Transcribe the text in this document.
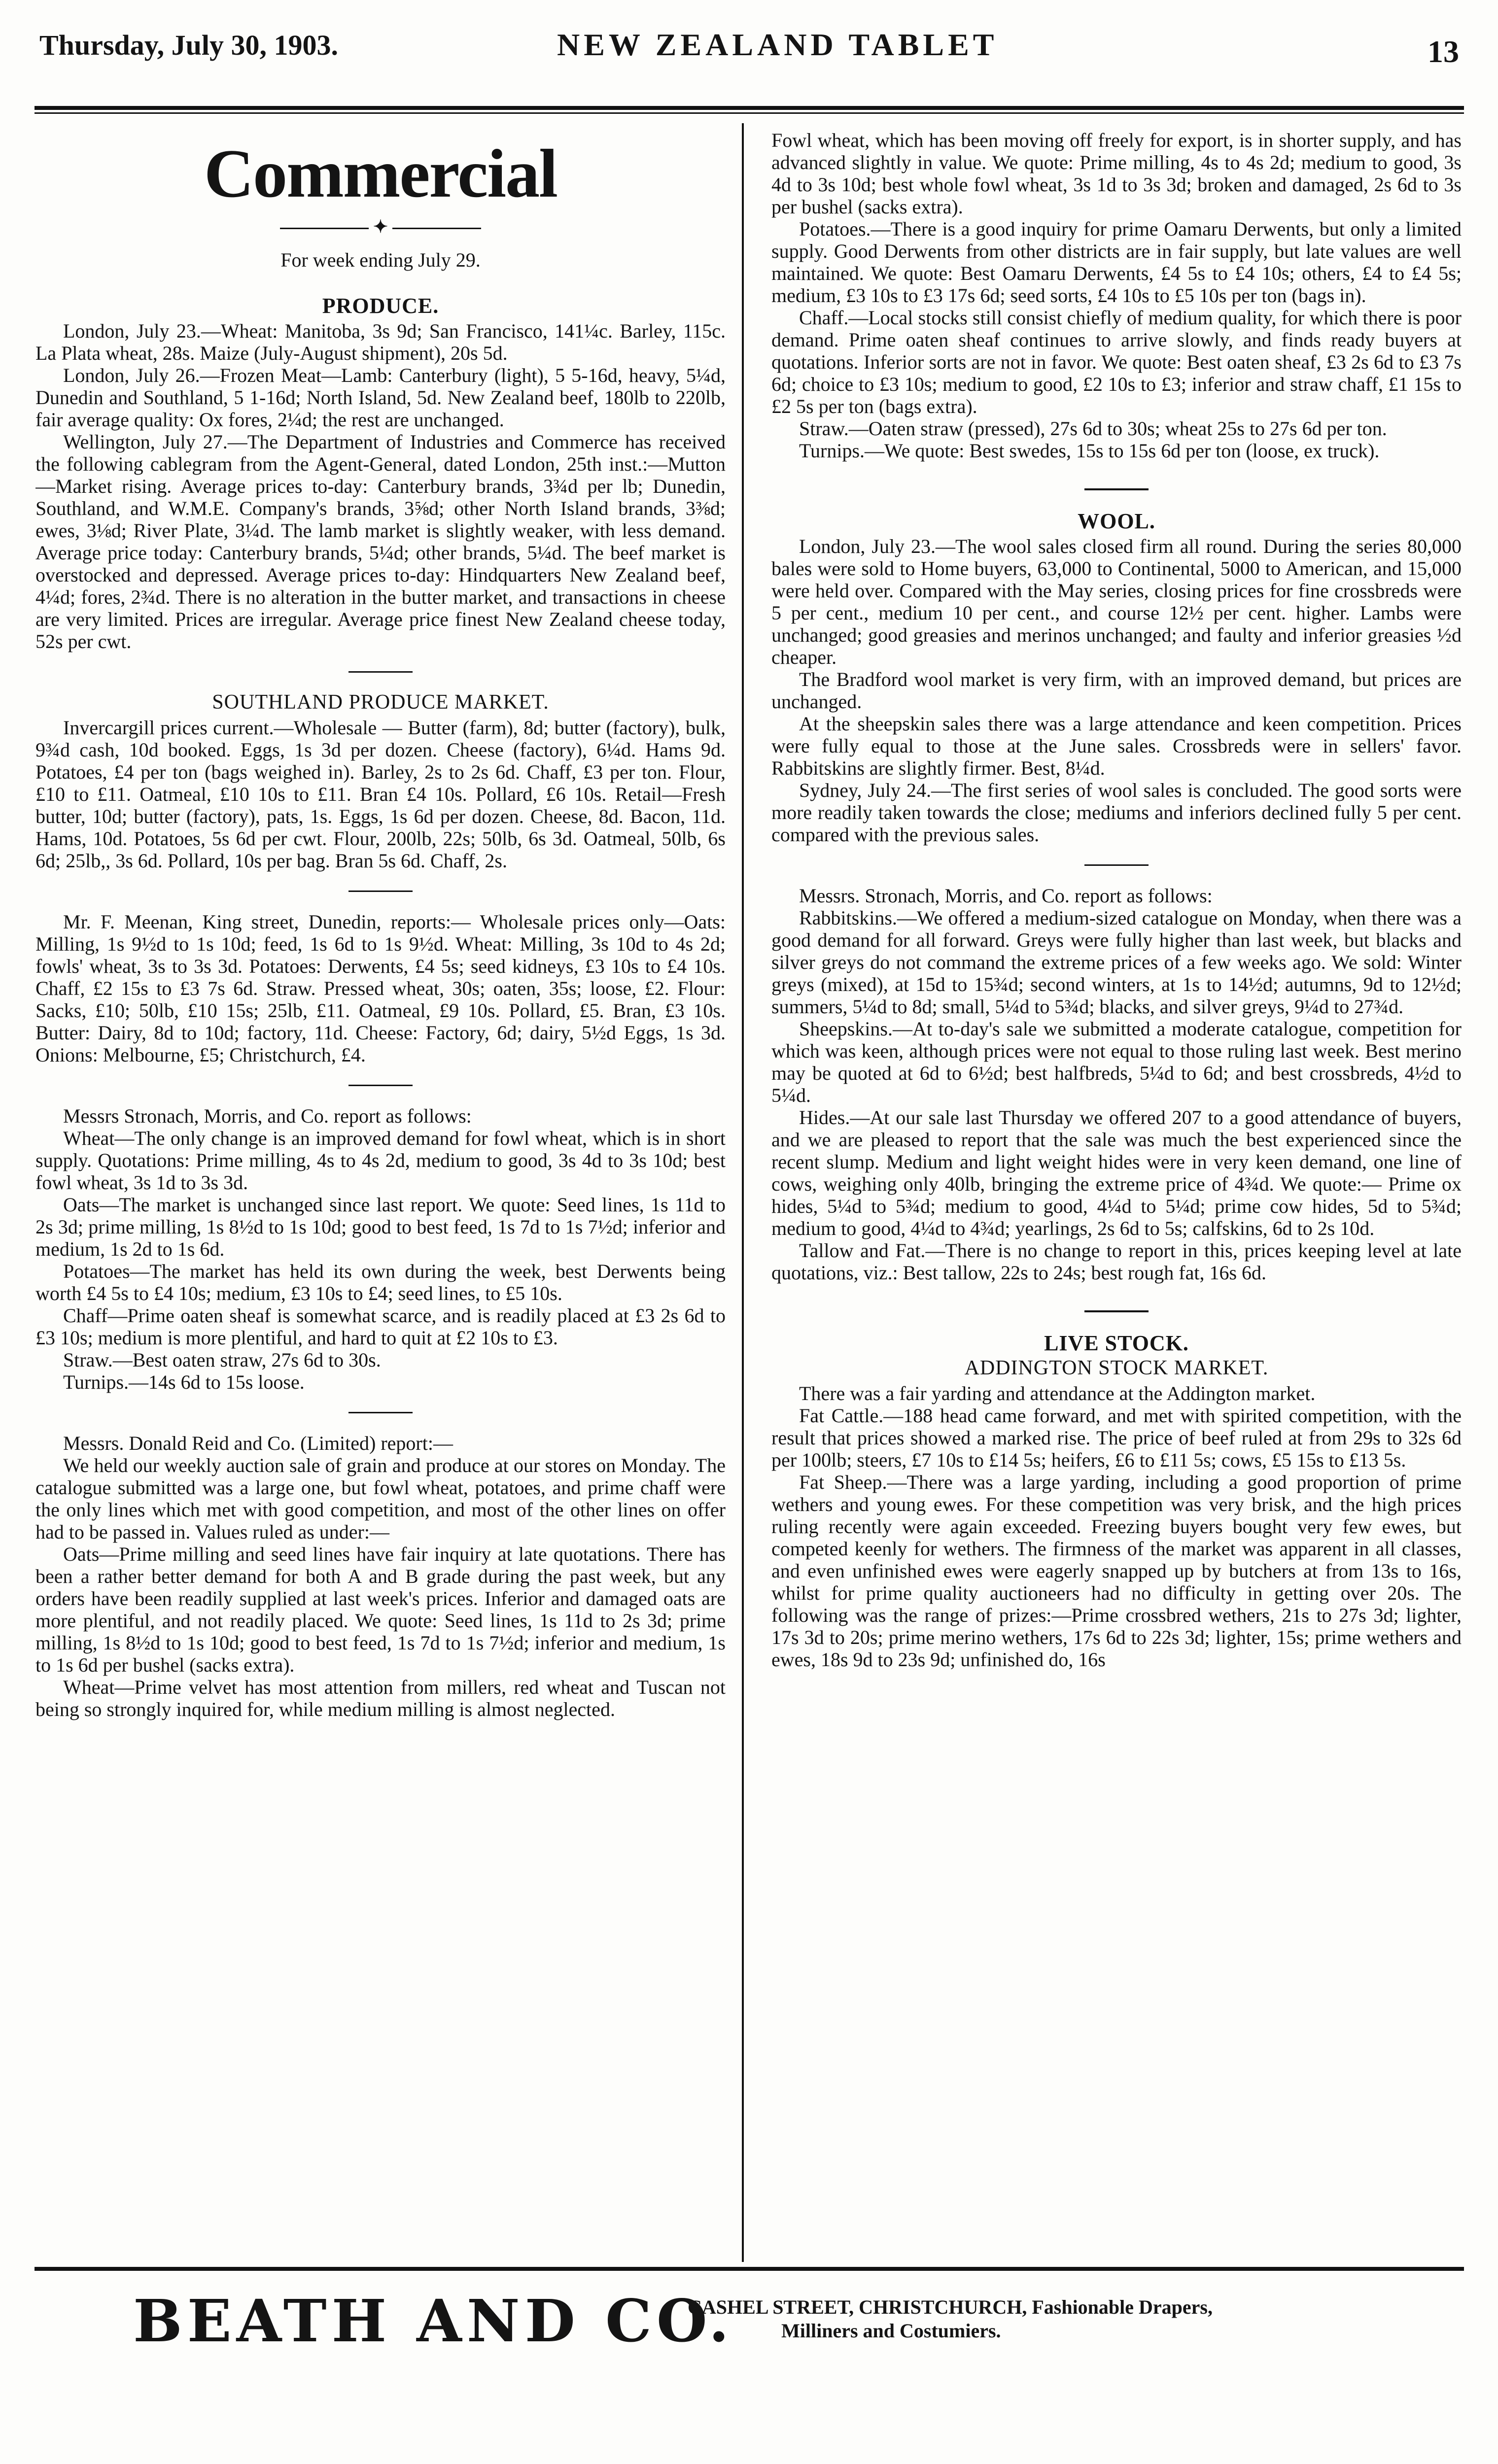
Thursday, July 30, 1903.	NEW ZEALAND TABLET	13
Commercial
✦
For week ending July 29.
PRODUCE.

London, July 23.—Wheat: Manitoba, 3s 9d; San Francisco, 141¼c. Barley, 115c. La Plata wheat, 28s. Maize (July-August shipment), 20s 5d.

London, July 26.—Frozen Meat—Lamb: Canterbury (light), 5 5-16d, heavy, 5¼d, Dunedin and Southland, 5 1-16d; North Island, 5d. New Zealand beef, 180lb to 220lb, fair average quality: Ox fores, 2¼d; the rest are unchanged.

Wellington, July 27.—The Department of Industries and Commerce has received the following cablegram from the Agent-General, dated London, 25th inst.:—Mutton—Market rising. Average prices to-day: Canterbury brands, 3¾d per lb; Dunedin, Southland, and W.M.E. Company's brands, 3⅝d; other North Island brands, 3⅜d; ewes, 3⅛d; River Plate, 3¼d. The lamb market is slightly weaker, with less demand. Average price today: Canterbury brands, 5¼d; other brands, 5¼d. The beef market is overstocked and depressed. Average prices to-day: Hindquarters New Zealand beef, 4¼d; fores, 2¾d. There is no alteration in the butter market, and transactions in cheese are very limited. Prices are irregular. Average price finest New Zealand cheese today, 52s per cwt.

SOUTHLAND PRODUCE MARKET.

Invercargill prices current.—Wholesale — Butter (farm), 8d; butter (factory), bulk, 9¾d cash, 10d booked. Eggs, 1s 3d per dozen. Cheese (factory), 6¼d. Hams 9d. Potatoes, £4 per ton (bags weighed in). Barley, 2s to 2s 6d. Chaff, £3 per ton. Flour, £10 to £11. Oatmeal, £10 10s to £11. Bran £4 10s. Pollard, £6 10s. Retail—Fresh butter, 10d; butter (factory), pats, 1s. Eggs, 1s 6d per dozen. Cheese, 8d. Bacon, 11d. Hams, 10d. Potatoes, 5s 6d per cwt. Flour, 200lb, 22s; 50lb, 6s 3d. Oatmeal, 50lb, 6s 6d; 25lb,, 3s 6d. Pollard, 10s per bag. Bran 5s 6d. Chaff, 2s.

Mr. F. Meenan, King street, Dunedin, reports:— Wholesale prices only—Oats: Milling, 1s 9½d to 1s 10d; feed, 1s 6d to 1s 9½d. Wheat: Milling, 3s 10d to 4s 2d; fowls' wheat, 3s to 3s 3d. Potatoes: Derwents, £4 5s; seed kidneys, £3 10s to £4 10s. Chaff, £2 15s to £3 7s 6d. Straw. Pressed wheat, 30s; oaten, 35s; loose, £2. Flour: Sacks, £10; 50lb, £10 15s; 25lb, £11. Oatmeal, £9 10s. Pollard, £5. Bran, £3 10s. Butter: Dairy, 8d to 10d; factory, 11d. Cheese: Factory, 6d; dairy, 5½d Eggs, 1s 3d. Onions: Melbourne, £5; Christchurch, £4.

Messrs Stronach, Morris, and Co. report as follows:

Wheat—The only change is an improved demand for fowl wheat, which is in short supply. Quotations: Prime milling, 4s to 4s 2d, medium to good, 3s 4d to 3s 10d; best fowl wheat, 3s 1d to 3s 3d.

Oats—The market is unchanged since last report. We quote: Seed lines, 1s 11d to 2s 3d; prime milling, 1s 8½d to 1s 10d; good to best feed, 1s 7d to 1s 7½d; inferior and medium, 1s 2d to 1s 6d.

Potatoes—The market has held its own during the week, best Derwents being worth £4 5s to £4 10s; medium, £3 10s to £4; seed lines, to £5 10s.

Chaff—Prime oaten sheaf is somewhat scarce, and is readily placed at £3 2s 6d to £3 10s; medium is more plentiful, and hard to quit at £2 10s to £3.

Straw.—Best oaten straw, 27s 6d to 30s.

Turnips.—14s 6d to 15s loose.

Messrs. Donald Reid and Co. (Limited) report:—

We held our weekly auction sale of grain and produce at our stores on Monday. The catalogue submitted was a large one, but fowl wheat, potatoes, and prime chaff were the only lines which met with good competition, and most of the other lines on offer had to be passed in. Values ruled as under:—

Oats—Prime milling and seed lines have fair inquiry at late quotations. There has been a rather better demand for both A and B grade during the past week, but any orders have been readily supplied at last week's prices. Inferior and damaged oats are more plentiful, and not readily placed. We quote: Seed lines, 1s 11d to 2s 3d; prime milling, 1s 8½d to 1s 10d; good to best feed, 1s 7d to 1s 7½d; inferior and medium, 1s to 1s 6d per bushel (sacks extra).

Wheat—Prime velvet has most attention from millers, red wheat and Tuscan not being so strongly inquired for, while medium milling is almost neglected.

Fowl wheat, which has been moving off freely for export, is in shorter supply, and has advanced slightly in value. We quote: Prime milling, 4s to 4s 2d; medium to good, 3s 4d to 3s 10d; best whole fowl wheat, 3s 1d to 3s 3d; broken and damaged, 2s 6d to 3s per bushel (sacks extra).

Potatoes.—There is a good inquiry for prime Oamaru Derwents, but only a limited supply. Good Derwents from other districts are in fair supply, but late values are well maintained. We quote: Best Oamaru Derwents, £4 5s to £4 10s; others, £4 to £4 5s; medium, £3 10s to £3 17s 6d; seed sorts, £4 10s to £5 10s per ton (bags in).

Chaff.—Local stocks still consist chiefly of medium quality, for which there is poor demand. Prime oaten sheaf continues to arrive slowly, and finds ready buyers at quotations. Inferior sorts are not in favor. We quote: Best oaten sheaf, £3 2s 6d to £3 7s 6d; choice to £3 10s; medium to good, £2 10s to £3; inferior and straw chaff, £1 15s to £2 5s per ton (bags extra).

Straw.—Oaten straw (pressed), 27s 6d to 30s; wheat 25s to 27s 6d per ton.

Turnips.—We quote: Best swedes, 15s to 15s 6d per ton (loose, ex truck).

WOOL.

London, July 23.—The wool sales closed firm all round. During the series 80,000 bales were sold to Home buyers, 63,000 to Continental, 5000 to American, and 15,000 were held over. Compared with the May series, closing prices for fine crossbreds were 5 per cent., medium 10 per cent., and course 12½ per cent. higher. Lambs were unchanged; good greasies and merinos unchanged; and faulty and inferior greasies ½d cheaper.

The Bradford wool market is very firm, with an improved demand, but prices are unchanged.

At the sheepskin sales there was a large attendance and keen competition. Prices were fully equal to those at the June sales. Crossbreds were in sellers' favor. Rabbitskins are slightly firmer. Best, 8¼d.

Sydney, July 24.—The first series of wool sales is concluded. The good sorts were more readily taken towards the close; mediums and inferiors declined fully 5 per cent. compared with the previous sales.

Messrs. Stronach, Morris, and Co. report as follows:

Rabbitskins.—We offered a medium-sized catalogue on Monday, when there was a good demand for all forward. Greys were fully higher than last week, but blacks and silver greys do not command the extreme prices of a few weeks ago. We sold: Winter greys (mixed), at 15d to 15¾d; second winters, at 1s to 14½d; autumns, 9d to 12½d; summers, 5¼d to 8d; small, 5¼d to 5¾d; blacks, and silver greys, 9¼d to 27¾d.

Sheepskins.—At to-day's sale we submitted a moderate catalogue, competition for which was keen, although prices were not equal to those ruling last week. Best merino may be quoted at 6d to 6½d; best halfbreds, 5¼d to 6d; and best crossbreds, 4½d to 5¼d.

Hides.—At our sale last Thursday we offered 207 to a good attendance of buyers, and we are pleased to report that the sale was much the best experienced since the recent slump. Medium and light weight hides were in very keen demand, one line of cows, weighing only 40lb, bringing the extreme price of 4¾d. We quote:— Prime ox hides, 5¼d to 5¾d; medium to good, 4¼d to 5¼d; prime cow hides, 5d to 5¾d; medium to good, 4¼d to 4¾d; yearlings, 2s 6d to 5s; calfskins, 6d to 2s 10d.

Tallow and Fat.—There is no change to report in this, prices keeping level at late quotations, viz.: Best tallow, 22s to 24s; best rough fat, 16s 6d.

LIVE STOCK.
ADDINGTON STOCK MARKET.

There was a fair yarding and attendance at the Addington market.

Fat Cattle.—188 head came forward, and met with spirited competition, with the result that prices showed a marked rise. The price of beef ruled at from 29s to 32s 6d per 100lb; steers, £7 10s to £14 5s; heifers, £6 to £11 5s; cows, £5 15s to £13 5s.

Fat Sheep.—There was a large yarding, including a good proportion of prime wethers and young ewes. For these competition was very brisk, and the high prices ruling recently were again exceeded. Freezing buyers bought very few ewes, but competed keenly for wethers. The firmness of the market was apparent in all classes, and even unfinished ewes were eagerly snapped up by butchers at from 13s to 16s, whilst for prime quality auctioneers had no difficulty in getting over 20s. The following was the range of prizes:—Prime crossbred wethers, 21s to 27s 3d; lighter, 17s 3d to 20s; prime merino wethers, 17s 6d to 22s 3d; lighter, 15s; prime wethers and ewes, 18s 9d to 23s 9d; unfinished do, 16s

BEATH AND CO.
CASHEL STREET, CHRISTCHURCH, Fashionable Drapers,
Milliners and Costumiers.
